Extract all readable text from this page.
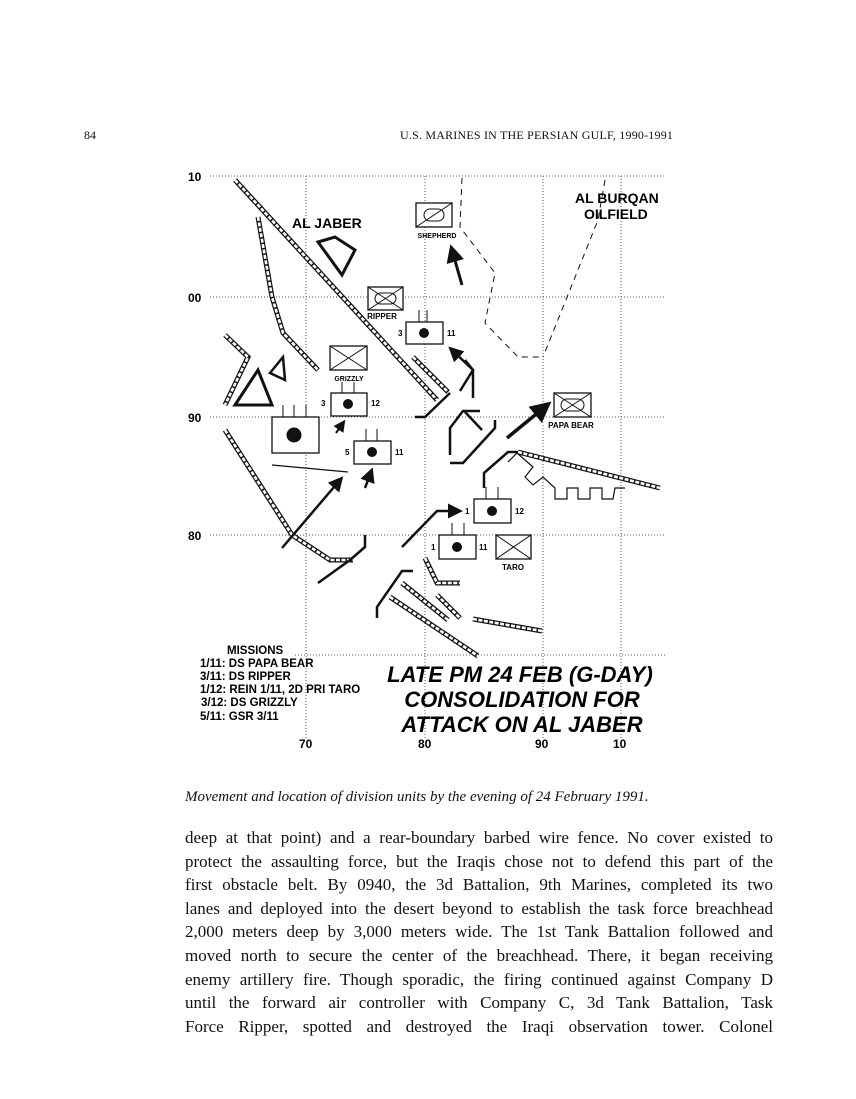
84	U.S. MARINES IN THE PERSIAN GULF, 1990-1991
10
00
90
80
70	80	90	10
SHEPHERD
RIPPER
GRIZZLY
PAPA BEAR
TARO
3	11
3	12
5	11
1	12
1	11
AL JABER
AL BURQAN
OILFIELD
MISSIONS
1/11: DS PAPA BEAR
3/11: DS RIPPER
1/12: REIN 1/11, 2D PRI TARO
3/12: DS GRIZZLY
5/11: GSR 3/11
LATE PM 24 FEB (G-DAY)
CONSOLIDATION FOR
ATTACK ON AL JABER
Movement and location of division units by the evening of 24 February 1991.
deep at that point) and a rear-boundary barbed wire fence. No cover existed to
protect the assaulting force, but the Iraqis chose not to defend this part of the
first obstacle belt. By 0940, the 3d Battalion, 9th Marines, completed its two
lanes and deployed into the desert beyond to establish the task force breachhead
2,000 meters deep by 3,000 meters wide. The 1st Tank Battalion followed and
moved north to secure the center of the breachhead. There, it began receiving
enemy artillery fire. Though sporadic, the firing continued against Company D
until the forward air controller with Company C, 3d Tank Battalion, Task
Force Ripper, spotted and destroyed the Iraqi observation tower. Colonel
